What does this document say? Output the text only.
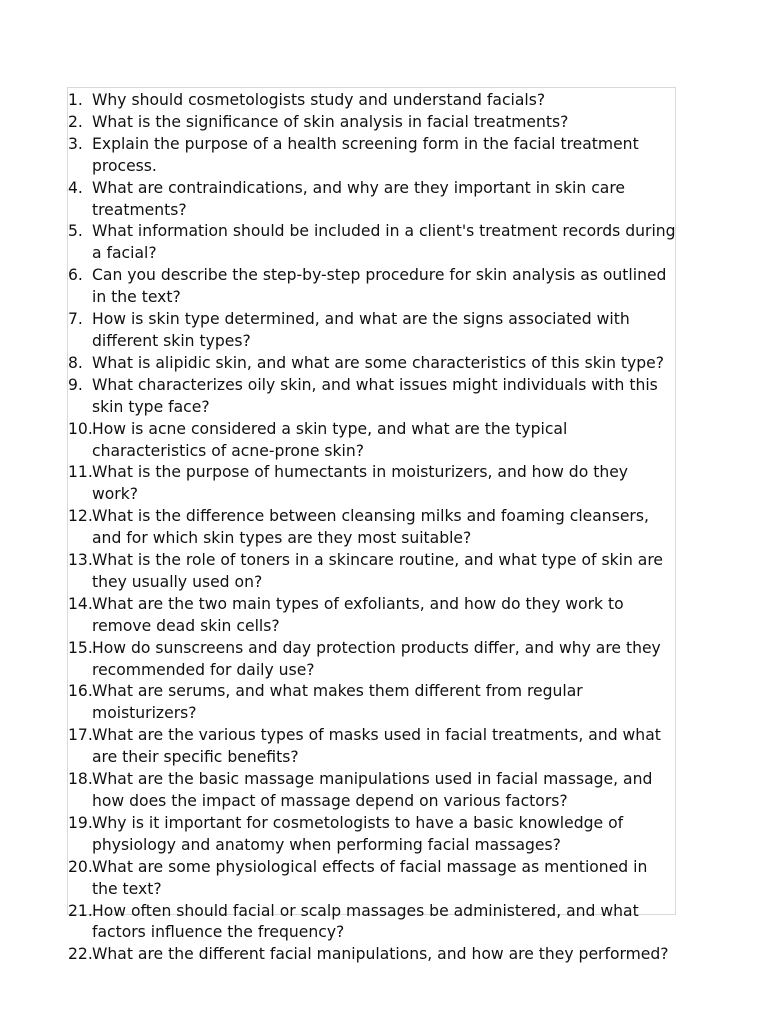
1. Why should cosmetologists study and understand facials?
2. What is the significance of skin analysis in facial treatments?
3. Explain the purpose of a health screening form in the facial treatment process.
4. What are contraindications, and why are they important in skin care treatments?
5. What information should be included in a client's treatment records during a facial?
6. Can you describe the step-by-step procedure for skin analysis as outlined in the text?
7. How is skin type determined, and what are the signs associated with different skin types?
8. What is alipidic skin, and what are some characteristics of this skin type?
9. What characterizes oily skin, and what issues might individuals with this skin type face?
10. How is acne considered a skin type, and what are the typical characteristics of acne-prone skin?
11. What is the purpose of humectants in moisturizers, and how do they work?
12. What is the difference between cleansing milks and foaming cleansers, and for which skin types are they most suitable?
13. What is the role of toners in a skincare routine, and what type of skin are they usually used on?
14. What are the two main types of exfoliants, and how do they work to remove dead skin cells?
15. How do sunscreens and day protection products differ, and why are they recommended for daily use?
16. What are serums, and what makes them different from regular moisturizers?
17. What are the various types of masks used in facial treatments, and what are their specific benefits?
18. What are the basic massage manipulations used in facial massage, and how does the impact of massage depend on various factors?
19. Why is it important for cosmetologists to have a basic knowledge of physiology and anatomy when performing facial massages?
20. What are some physiological effects of facial massage as mentioned in the text?
21. How often should facial or scalp massages be administered, and what factors influence the frequency?
22. What are the different facial manipulations, and how are they performed?
